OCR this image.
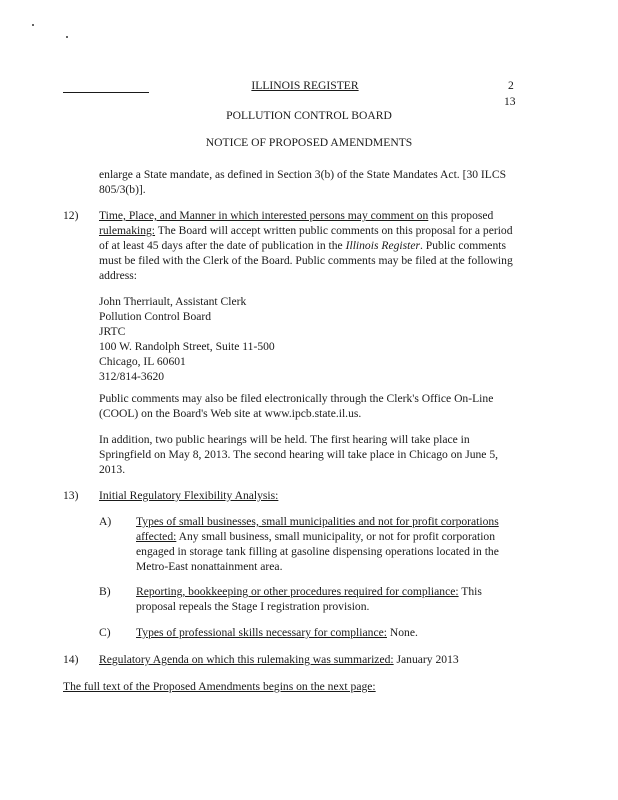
ILLINOIS REGISTER	2
13
POLLUTION CONTROL BOARD
NOTICE OF PROPOSED AMENDMENTS

enlarge a State mandate, as defined in Section 3(b) of the State Mandates Act. [30 ILCS

805/3(b)].

12) Time, Place, and Manner in which interested persons may comment on this proposed

rulemaking: The Board will accept written public comments on this proposal for a period

of at least 45 days after the date of publication in the Illinois Register. Public comments

must be filed with the Clerk of the Board. Public comments may be filed at the following

address:

John Therriault, Assistant Clerk
Pollution Control Board
JRTC
100 W. Randolph Street, Suite 11-500
Chicago, IL 60601
312/814-3620

Public comments may also be filed electronically through the Clerk's Office On-Line

(COOL) on the Board's Web site at www.ipcb.state.il.us.

In addition, two public hearings will be held. The first hearing will take place in

Springfield on May 8, 2013. The second hearing will take place in Chicago on June 5,

2013.

13) Initial Regulatory Flexibility Analysis:
A) Types of small businesses, small municipalities and not for profit corporations

affected: Any small business, small municipality, or not for profit corporation

engaged in storage tank filling at gasoline dispensing operations located in the

Metro-East nonattainment area.

B) Reporting, bookkeeping or other procedures required for compliance: This

proposal repeals the Stage I registration provision.

C) Types of professional skills necessary for compliance: None.

14) Regulatory Agenda on which this rulemaking was summarized: January 2013

The full text of the Proposed Amendments begins on the next page:
